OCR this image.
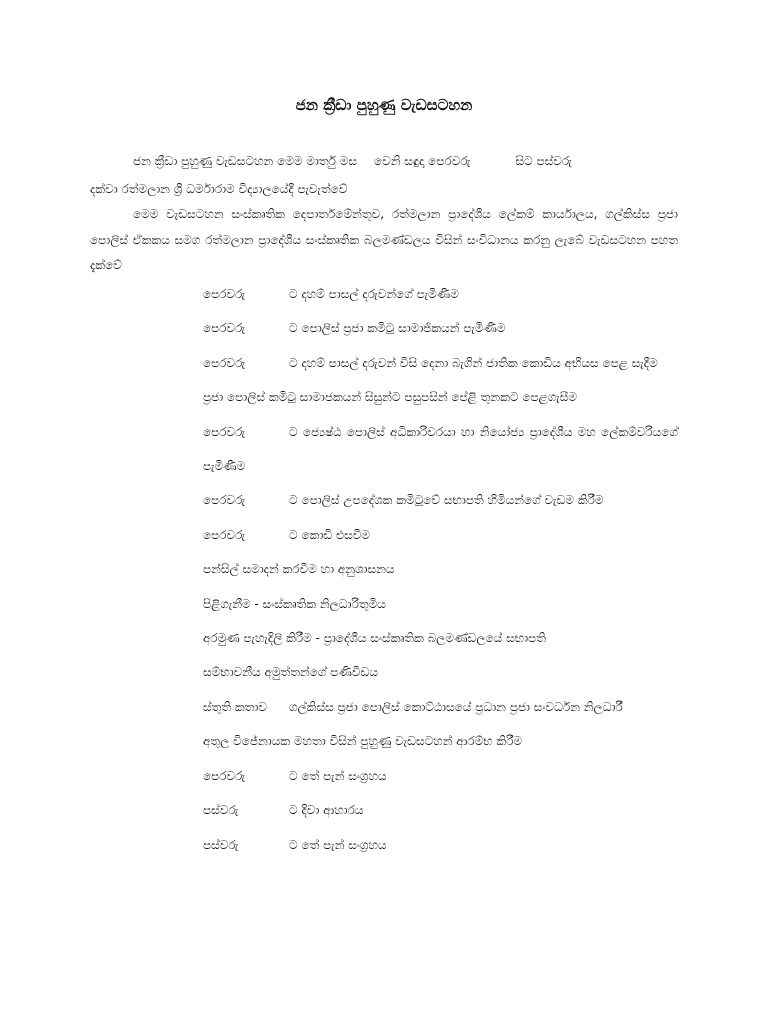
ජන ක්‍රීඩා පුහුණු වැඩසටහන

ජන ක්‍රීඩා පුහුණු වැඩසටහන මෙම මාර්තු මස වෙනි සඳුදා පෙරවරු	සිට පස්වරු
දක්වා රත්මලාන ශ්‍රී ධර්මාරාම විද්‍යාලයේදී පැවැත්වේ

මෙම වැඩසටහන සංස්කෘතික දෙපාර්තමේන්තුව, රත්මලාන ප්‍රාදේශීය ලේකම් කාර්යාලය, ගල්කිස්ස ප්‍රජා පොලිස් ඒකකය සමග රත්මලාන ප්‍රාදේශීය සංස්කෘතික බලමණ්ඩලය විසින් සංවිධානය කරනු ලැබේ වැඩසටහන පහත දැක්වේ

පෙරවරු	ට දහම් පාසල් දරුවන්ගේ පැමිණීම
පෙරවරු	ට පොලිස් ප්‍රජා කමිටු සාමාජිකයන් පැමිණීම
පෙරවරු	ට දහම් පාසල් දරුවන් විසි දෙනා බැගින් ජාතික කොඩිය අභියස පෙළ සැදීම
ප්‍රජා පොලිස් කමිටු සාමාජකයන් සිසුන්ට පසුපසින් පේළි තුනකට පෙළගැසීම
පෙරවරු	ට ජ්‍යෙෂ්ඨ පොලිස් අධිකාරිවරයා හා නියෝජ්‍ය ප්‍රාදේශීය මහ ලේකම්වරියගේ පැමිණීම
පෙරවරු	ට පොලිස් උපදේශක කමිටුවේ සභාපති හිමියන්ගේ වැඩම කිරීම
පෙරවරු	ට කොඩි එසවීම
පන්සිල් සමාදන් කරවීම හා අනුශාසනය
පිළිගැනීම - සංස්කෘතික නිලධාරිතුමිය
අරමුණ පැහැදිලි කිරීම - ප්‍රාදේශීය සංස්කෘතික බලමණ්ඩලයේ සභාපති
සම්භාවනීය අමුත්තන්ගේ පණිවිඩය
ස්තුති කතාව ගල්කිස්ස ප්‍රජා පොලිස් කොට්ඨාසයේ ප්‍රධාන ප්‍රජා සංවර්ධන නිලධාරී
අතුල විජේනායක මහතා විසින් පුහුණු වැඩසටහන් ආරම්භ කිරීම
පෙරවරු	ට තේ පැන් සංග්‍රහය
පස්වරු	ට දිවා ආහාරය
පස්වරු	ට තේ පැන් සංග්‍රහය
